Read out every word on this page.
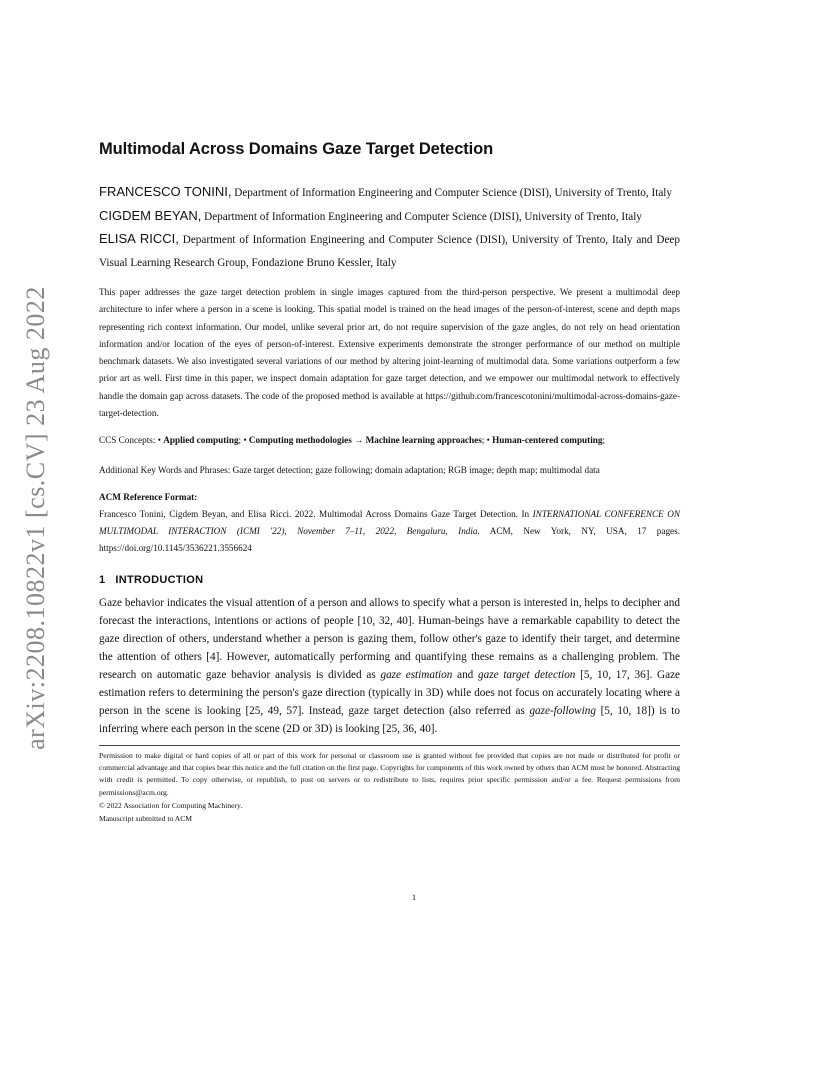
arXiv:2208.10822v1 [cs.CV] 23 Aug 2022
Multimodal Across Domains Gaze Target Detection

FRANCESCO TONINI, Department of Information Engineering and Computer Science (DISI), University of Trento, Italy

CIGDEM BEYAN, Department of Information Engineering and Computer Science (DISI), University of Trento, Italy

ELISA RICCI, Department of Information Engineering and Computer Science (DISI), University of Trento, Italy and Deep Visual Learning Research Group, Fondazione Bruno Kessler, Italy

This paper addresses the gaze target detection problem in single images captured from the third-person perspective. We present a multimodal deep architecture to infer where a person in a scene is looking. This spatial model is trained on the head images of the person-of-interest, scene and depth maps representing rich context information. Our model, unlike several prior art, do not require supervision of the gaze angles, do not rely on head orientation information and/or location of the eyes of person-of-interest. Extensive experiments demonstrate the stronger performance of our method on multiple benchmark datasets. We also investigated several variations of our method by altering joint-learning of multimodal data. Some variations outperform a few prior art as well. First time in this paper, we inspect domain adaptation for gaze target detection, and we empower our multimodal network to effectively handle the domain gap across datasets. The code of the proposed method is available at https://github.com/francescotonini/multimodal-across-domains-gaze-target-detection.

CCS Concepts: • Applied computing; • Computing methodologies → Machine learning approaches; • Human-centered computing;

Additional Key Words and Phrases: Gaze target detection; gaze following; domain adaptation; RGB image; depth map; multimodal data

ACM Reference Format:

Francesco Tonini, Cigdem Beyan, and Elisa Ricci. 2022. Multimodal Across Domains Gaze Target Detection. In INTERNATIONAL CONFERENCE ON MULTIMODAL INTERACTION (ICMI '22), November 7–11, 2022, Bengaluru, India. ACM, New York, NY, USA, 17 pages. https://doi.org/10.1145/3536221.3556624

1 INTRODUCTION

Gaze behavior indicates the visual attention of a person and allows to specify what a person is interested in, helps to decipher and forecast the interactions, intentions or actions of people [10, 32, 40]. Human-beings have a remarkable capability to detect the gaze direction of others, understand whether a person is gazing them, follow other's gaze to identify their target, and determine the attention of others [4]. However, automatically performing and quantifying these remains as a challenging problem. The research on automatic gaze behavior analysis is divided as gaze estimation and gaze target detection [5, 10, 17, 36]. Gaze estimation refers to determining the person's gaze direction (typically in 3D) while does not focus on accurately locating where a person in the scene is looking [25, 49, 57]. Instead, gaze target detection (also referred as gaze-following [5, 10, 18]) is to inferring where each person in the scene (2D or 3D) is looking [25, 36, 40].

Permission to make digital or hard copies of all or part of this work for personal or classroom use is granted without fee provided that copies are not made or distributed for profit or commercial advantage and that copies bear this notice and the full citation on the first page. Copyrights for components of this work owned by others than ACM must be honored. Abstracting with credit is permitted. To copy otherwise, or republish, to post on servers or to redistribute to lists, requires prior specific permission and/or a fee. Request permissions from permissions@acm.org.

© 2022 Association for Computing Machinery.

Manuscript submitted to ACM

1
